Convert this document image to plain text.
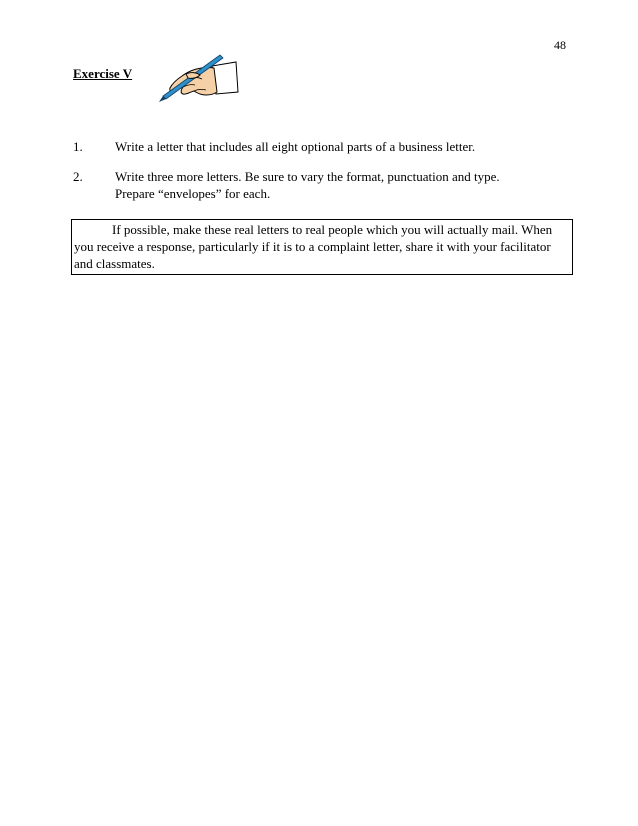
48
Exercise V
1.	Write a letter that includes all eight optional parts of a business letter.
2.	Write three more letters. Be sure to vary the format, punctuation and type.
Prepare “envelopes” for each.

If possible, make these real letters to real people which you will actually mail. When you receive a response, particularly if it is to a complaint letter, share it with your facilitator and classmates.
